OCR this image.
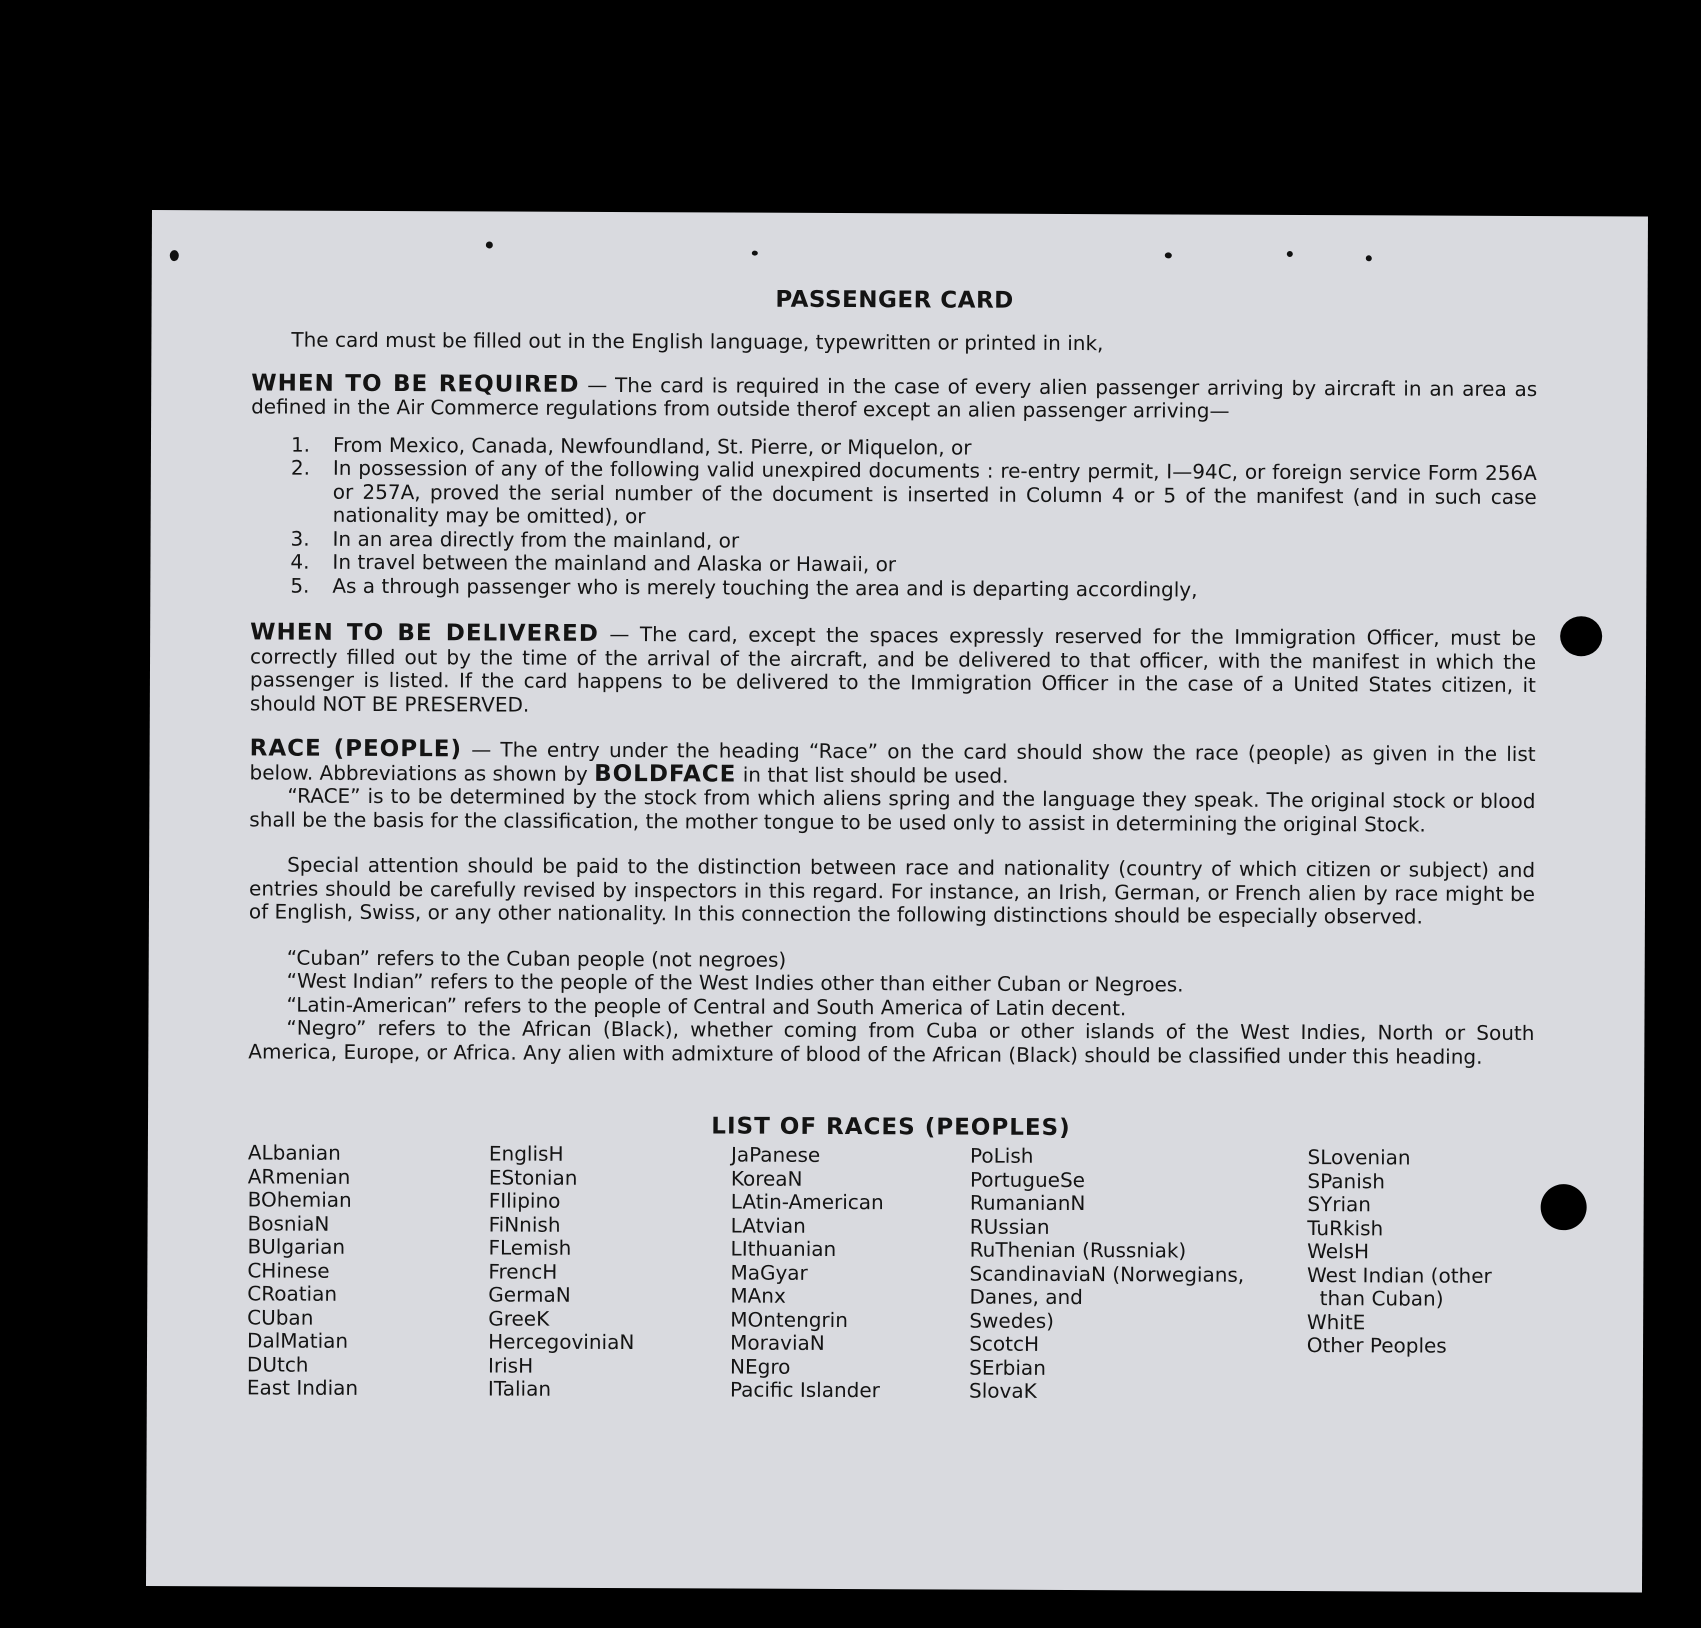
PASSENGER CARD

The card must be filled out in the English language, typewritten or printed in ink,

WHEN TO BE REQUIRED — The card is required in the case of every alien passenger arriving by aircraft in an area as defined in the Air Commerce regulations from outside therof except an alien passenger arriving—

1.	From Mexico, Canada, Newfoundland, St. Pierre, or Miquelon, or
2.	In possession of any of the following valid unexpired documents : re-entry permit, I—94C, or foreign service Form 256A or 257A, proved the serial number of the document is inserted in Column 4 or 5 of the manifest (and in such case nationality may be omitted), or
3.	In an area directly from the mainland, or
4.	In travel between the mainland and Alaska or Hawaii, or
5.	As a through passenger who is merely touching the area and is departing accordingly,

WHEN TO BE DELIVERED — The card, except the spaces expressly reserved for the Immigration Officer, must be correctly filled out by the time of the arrival of the aircraft, and be delivered to that officer, with the manifest in which the passenger is listed. If the card happens to be delivered to the Immigration Officer in the case of a United States citizen, it should NOT BE PRESERVED.

RACE (PEOPLE) — The entry under the heading “Race” on the card should show the race (people) as given in the list below. Abbreviations as shown by BOLDFACE in that list should be used.

“RACE” is to be determined by the stock from which aliens spring and the language they speak. The original stock or blood shall be the basis for the classification, the mother tongue to be used only to assist in determining the original Stock.

Special attention should be paid to the distinction between race and nationality (country of which citizen or subject) and entries should be carefully revised by inspectors in this regard. For instance, an Irish, German, or French alien by race might be of English, Swiss, or any other nationality. In this connection the following distinctions should be especially observed.

“Cuban” refers to the Cuban people (not negroes)
“West Indian” refers to the people of the West Indies other than either Cuban or Negroes.
“Latin-American” refers to the people of Central and South America of Latin decent.
“Negro” refers to the African (Black), whether coming from Cuba or other islands of the West Indies, North or South America, Europe, or Africa. Any alien with admixture of blood of the African (Black) should be classified under this heading.
LIST OF RACES (PEOPLES)
ALbanian
ARmenian
BOhemian
BosniaN
BUlgarian
CHinese
CRoatian
CUban
DalMatian
DUtch
East Indian
EnglisH
EStonian
FIlipino
FiNnish
FLemish
FrencH
GermaN
GreeK
HercegoviniaN
IrisH
ITalian
JaPanese
KoreaN
LAtin-American
LAtvian
LIthuanian
MaGyar
MAnx
MOntengrin
MoraviaN
NEgro
Pacific Islander
PoLish
PortugueSe
RumanianN
RUssian
RuThenian (Russniak)
ScandinaviaN (Norwegians,
Danes, and
Swedes)
ScotcH
SErbian
SlovaK
SLovenian
SPanish
SYrian
TuRkish
WelsH
West Indian (other
than Cuban)
WhitE
Other Peoples
